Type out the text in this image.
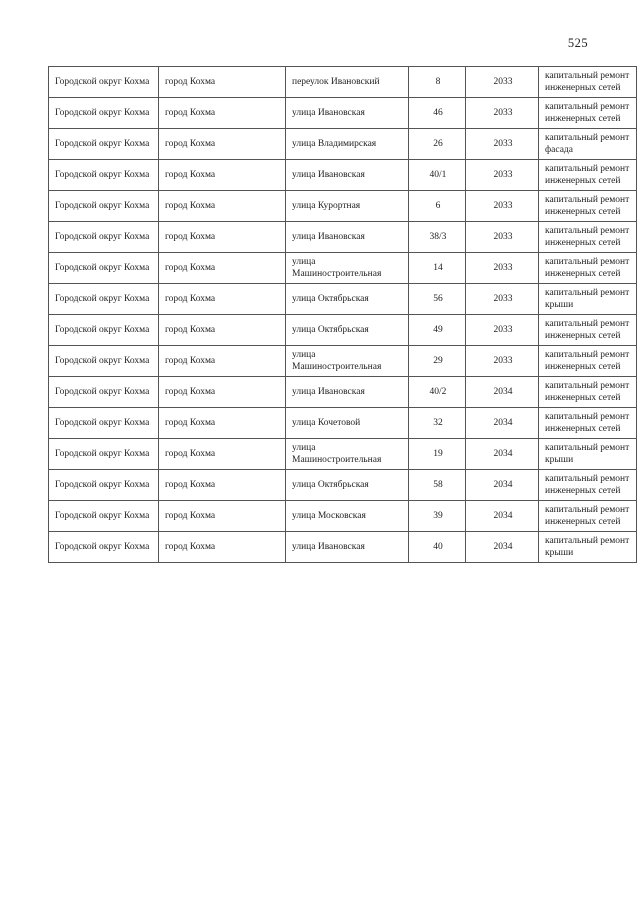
525
Городской округ Кохма	город Кохма	переулок Ивановский	8	2033	капитальный ремонт инженерных сетей
Городской округ Кохма	город Кохма	улица Ивановская	46	2033	капитальный ремонт инженерных сетей
Городской округ Кохма	город Кохма	улица Владимирская	26	2033	капитальный ремонт фасада
Городской округ Кохма	город Кохма	улица Ивановская	40/1	2033	капитальный ремонт инженерных сетей
Городской округ Кохма	город Кохма	улица Курортная	6	2033	капитальный ремонт инженерных сетей
Городской округ Кохма	город Кохма	улица Ивановская	38/3	2033	капитальный ремонт инженерных сетей
Городской округ Кохма	город Кохма	улица Машиностроительная	14	2033	капитальный ремонт инженерных сетей
Городской округ Кохма	город Кохма	улица Октябрьская	56	2033	капитальный ремонт крыши
Городской округ Кохма	город Кохма	улица Октябрьская	49	2033	капитальный ремонт инженерных сетей
Городской округ Кохма	город Кохма	улица Машиностроительная	29	2033	капитальный ремонт инженерных сетей
Городской округ Кохма	город Кохма	улица Ивановская	40/2	2034	капитальный ремонт инженерных сетей
Городской округ Кохма	город Кохма	улица Кочетовой	32	2034	капитальный ремонт инженерных сетей
Городской округ Кохма	город Кохма	улица Машиностроительная	19	2034	капитальный ремонт крыши
Городской округ Кохма	город Кохма	улица Октябрьская	58	2034	капитальный ремонт инженерных сетей
Городской округ Кохма	город Кохма	улица Московская	39	2034	капитальный ремонт инженерных сетей
Городской округ Кохма	город Кохма	улица Ивановская	40	2034	капитальный ремонт крыши
